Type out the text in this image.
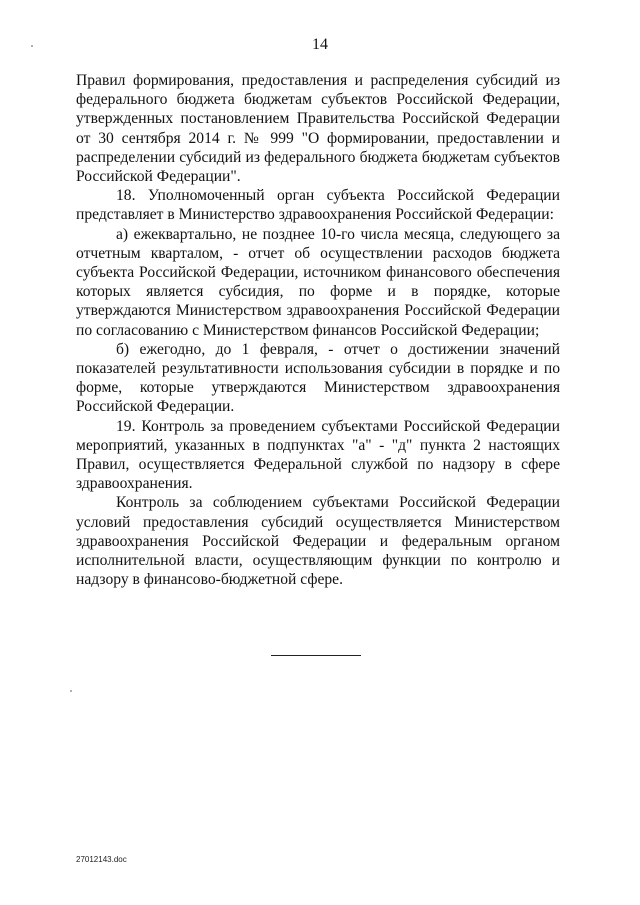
14

Правил формирования, предоставления и распределения субсидий из федерального бюджета бюджетам субъектов Российской Федерации, утвержденных постановлением Правительства Российской Федерации от 30 сентября 2014 г. № 999 "О формировании, предоставлении и распределении субсидий из федерального бюджета бюджетам субъектов Российской Федерации".

18. Уполномоченный орган субъекта Российской Федерации представляет в Министерство здравоохранения Российской Федерации:

а) ежеквартально, не позднее 10-го числа месяца, следующего за отчетным кварталом, - отчет об осуществлении расходов бюджета субъекта Российской Федерации, источником финансового обеспечения которых является субсидия, по форме и в порядке, которые утверждаются Министерством здравоохранения Российской Федерации по согласованию с Министерством финансов Российской Федерации;

б) ежегодно, до 1 февраля, - отчет о достижении значений показателей результативности использования субсидии в порядке и по форме, которые утверждаются Министерством здравоохранения Российской Федерации.

19. Контроль за проведением субъектами Российской Федерации мероприятий, указанных в подпунктах "а" - "д" пункта 2 настоящих Правил, осуществляется Федеральной службой по надзору в сфере здравоохранения.

Контроль за соблюдением субъектами Российской Федерации условий предоставления субсидий осуществляется Министерством здравоохранения Российской Федерации и федеральным органом исполнительной власти, осуществляющим функции по контролю и надзору в финансово-бюджетной сфере.

27012143.doc
